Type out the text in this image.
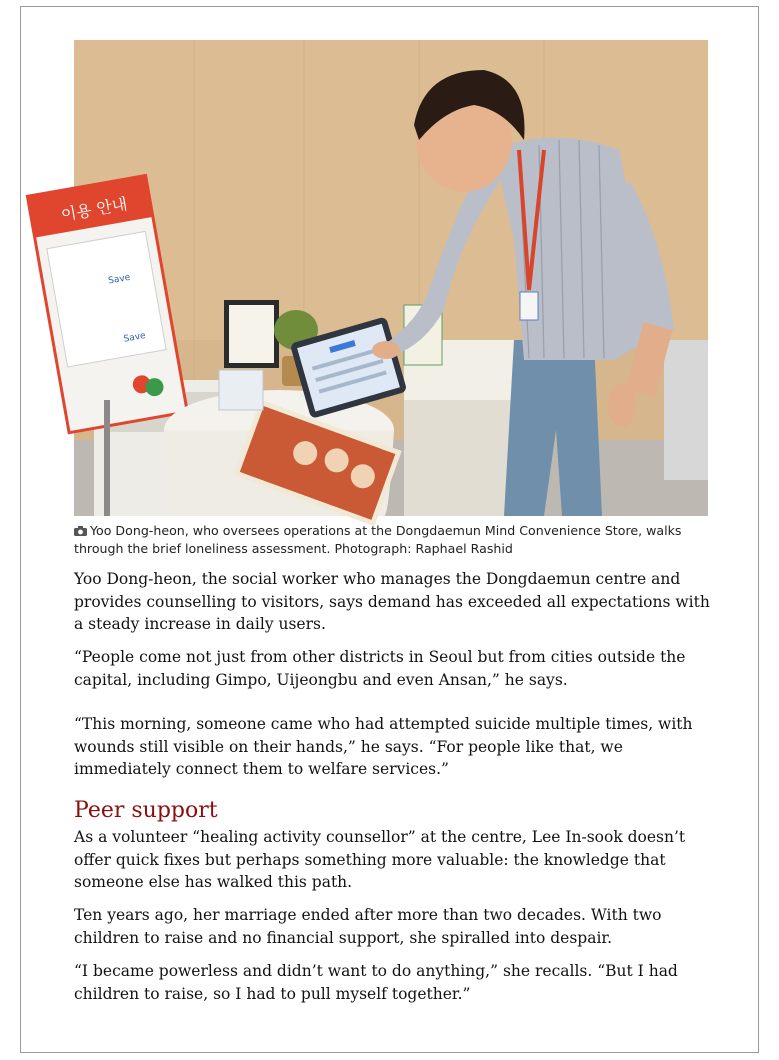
이용 안내
Save
Save
Yoo Dong-heon, who oversees operations at the Dongdaemun Mind Convenience Store, walks through the brief loneliness assessment. Photograph: Raphael Rashid

Yoo Dong-heon, the social worker who manages the Dongdaemun centre and provides counselling to visitors, says demand has exceeded all expectations with a steady increase in daily users.

“People come not just from other districts in Seoul but from cities outside the capital, including Gimpo, Uijeongbu and even Ansan,” he says.

“This morning, someone came who had attempted suicide multiple times, with wounds still visible on their hands,” he says. “For people like that, we immediately connect them to welfare services.”

Peer support

As a volunteer “healing activity counsellor” at the centre, Lee In-sook doesn’t offer quick fixes but perhaps something more valuable: the knowledge that someone else has walked this path.

Ten years ago, her marriage ended after more than two decades. With two children to raise and no financial support, she spiralled into despair.

“I became powerless and didn’t want to do anything,” she recalls. “But I had children to raise, so I had to pull myself together.”
